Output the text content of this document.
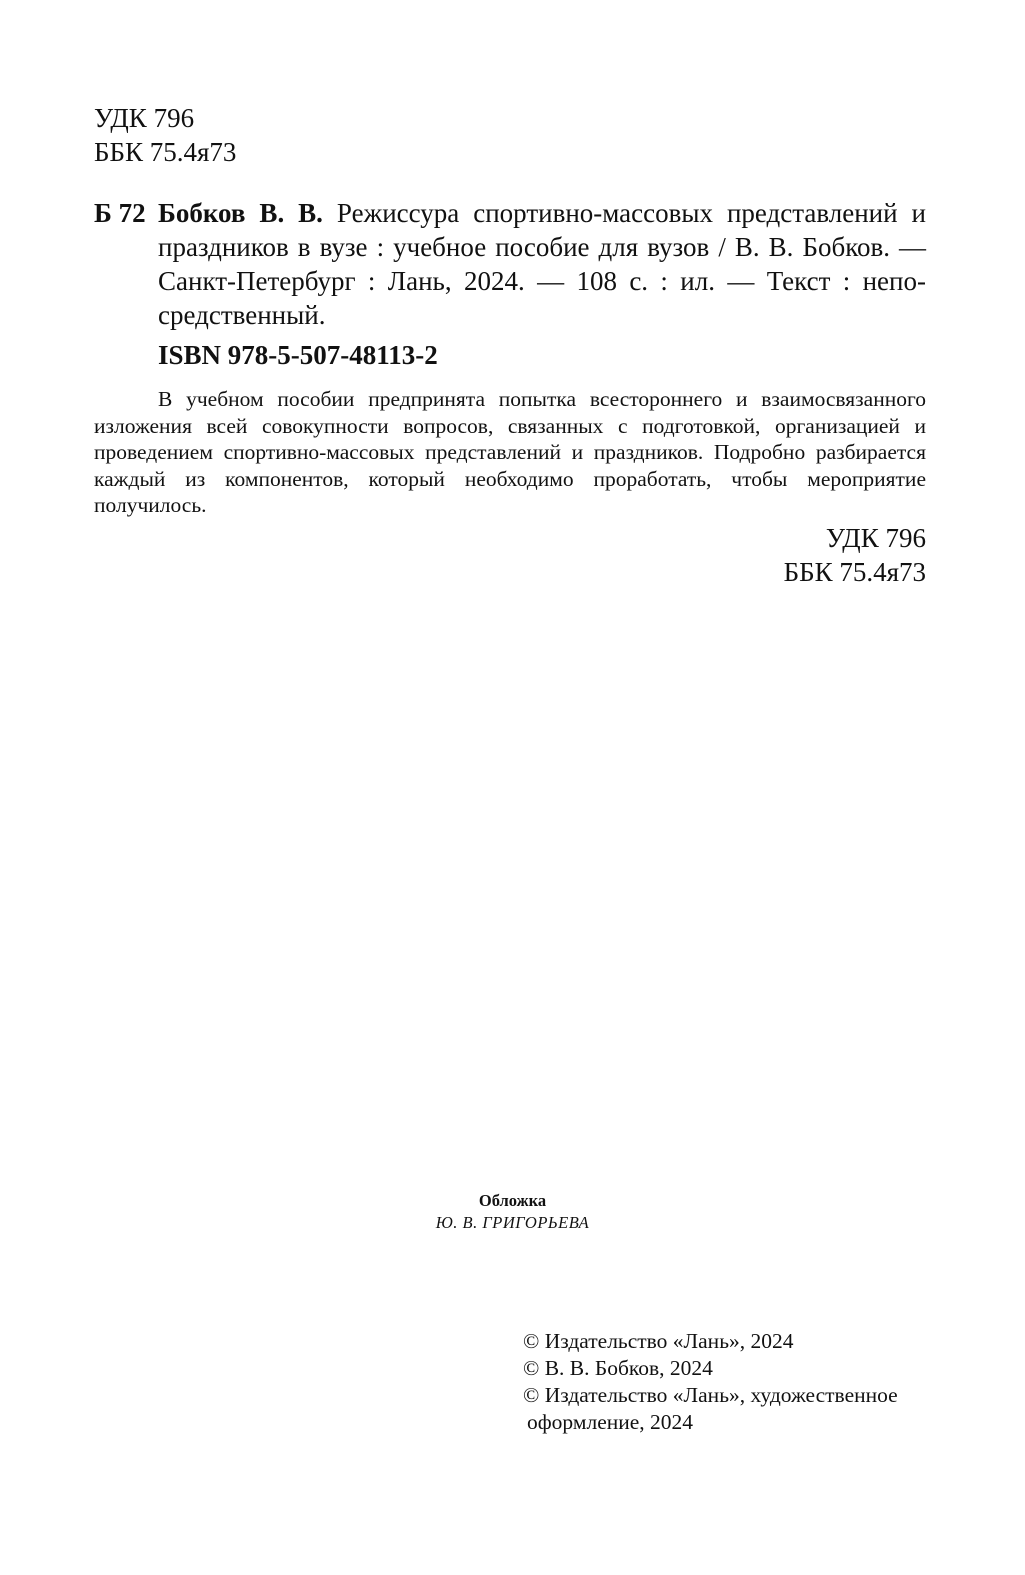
УДК 796
ББК 75.4я73
Б 72 Бобков В. В. Режиссура спортивно-массовых представлений и праздников в вузе : учебное пособие для вузов / В. В. Бобков. — Санкт-Петербург : Лань, 2024. — 108 с. : ил. — Текст : непо-средственный.
ISBN 978-5-507-48113-2
В учебном пособии предпринята попытка всестороннего и взаимосвязанного изложения всей совокупности вопросов, связанных с подготовкой, организацией и проведением спортивно-массовых представлений и праздников. Подробно разбирается каждый из компонентов, который необходимо проработать, чтобы мероприятие получилось.
УДК 796
ББК 75.4я73
Обложка
Ю. В. ГРИГОРЬЕВА
© Издательство «Лань», 2024
© В. В. Бобков, 2024
© Издательство «Лань», художественное
оформление, 2024
